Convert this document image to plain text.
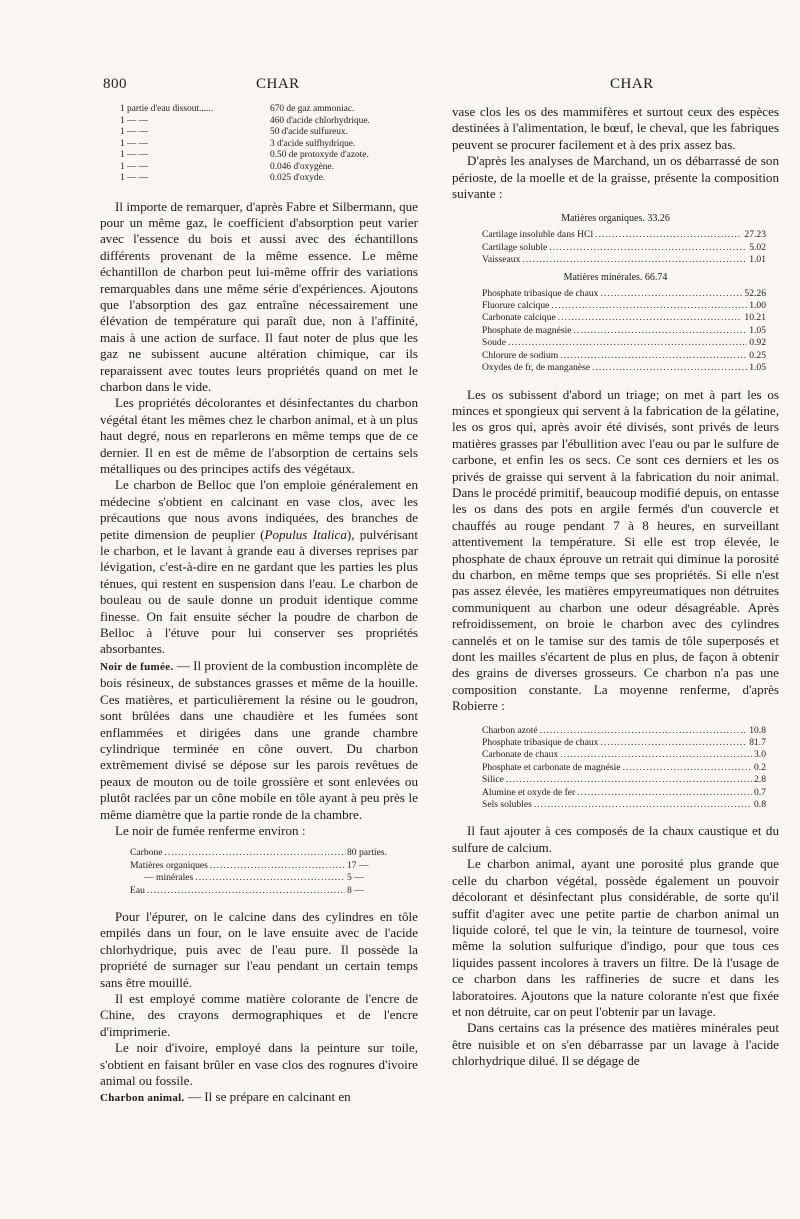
800	CHAR	CHAR
1 partie d'eau dissout......	670 de gaz ammoniac.
1 — —	460 d'acide chlorhydrique.
1 — —	50 d'acide sulfureux.
1 — —	3 d'acide sulfhydrique.
1 — —	0.50 de protoxyde d'azote.
1 — —	0.046 d'oxygène.
1 — —	0.025 d'oxyde.

Il importe de remarquer, d'après Fabre et Silbermann, que pour un même gaz, le coefficient d'absorption peut varier avec l'essence du bois et aussi avec des échantillons différents provenant de la même essence. Le même échantillon de charbon peut lui-même offrir des variations remarquables dans une même série d'expériences. Ajoutons que l'absorption des gaz entraîne nécessairement une élévation de température qui paraît due, non à l'affinité, mais à une action de surface. Il faut noter de plus que les gaz ne subissent aucune altération chimique, car ils reparaissent avec toutes leurs propriétés quand on met le charbon dans le vide.

Les propriétés décolorantes et désinfectantes du charbon végétal étant les mêmes chez le charbon animal, et à un plus haut degré, nous en reparlerons en même temps que de ce dernier. Il en est de même de l'absorption de certains sels métalliques ou des principes actifs des végétaux.

Le charbon de Belloc que l'on emploie généralement en médecine s'obtient en calcinant en vase clos, avec les précautions que nous avons indiquées, des branches de petite dimension de peuplier (Populus Italica), pulvérisant le charbon, et le lavant à grande eau à diverses reprises par lévigation, c'est-à-dire en ne gardant que les parties les plus ténues, qui restent en suspension dans l'eau. Le charbon de bouleau ou de saule donne un produit identique comme finesse. On fait ensuite sécher la poudre de charbon de Belloc à l'étuve pour lui conserver ses propriétés absorbantes.

Noir de fumée. — Il provient de la combustion incomplète de bois résineux, de substances grasses et même de la houille. Ces matières, et particulièrement la résine ou le goudron, sont brûlées dans une chaudière et les fumées sont enflammées et dirigées dans une grande chambre cylindrique terminée en cône ouvert. Du charbon extrêmement divisé se dépose sur les parois revêtues de peaux de mouton ou de toile grossière et sont enlevées ou plutôt raclées par un cône mobile en tôle ayant à peu près le même diamètre que la partie ronde de la chambre.

Le noir de fumée renferme environ :

Carbone .....	80 parties.
Matières organiques .....	17 —
— minérales .....	5 —
Eau .....	8 —

Pour l'épurer, on le calcine dans des cylindres en tôle empilés dans un four, on le lave ensuite avec de l'acide chlorhydrique, puis avec de l'eau pure. Il possède la propriété de surnager sur l'eau pendant un certain temps sans être mouillé.

Il est employé comme matière colorante de l'encre de Chine, des crayons dermographiques et de l'encre d'imprimerie.

Le noir d'ivoire, employé dans la peinture sur toile, s'obtient en faisant brûler en vase clos des rognures d'ivoire animal ou fossile.

Charbon animal. — Il se prépare en calcinant en

vase clos les os des mammifères et surtout ceux des espèces destinées à l'alimentation, le bœuf, le cheval, que les fabriques peuvent se procurer facilement et à des prix assez bas.

D'après les analyses de Marchand, un os débarrassé de son périoste, de la moelle et de la graisse, présente la composition suivante :

Matières organiques. 33.26
Cartilage insoluble dans HCl .....	27.23
Cartilage soluble .....	5.02
Vaisseaux .....	1.01
Matières minérales. 66.74
Phosphate tribasique de chaux .....	52.26
Fluorure calcique .....	1.00
Carbonate calcique .....	10.21
Phosphate de magnésie .....	1.05
Soude .....	0.92
Chlorure de sodium .....	0.25
Oxydes de fr, de manganèse .....	1.05

Les os subissent d'abord un triage; on met à part les os minces et spongieux qui servent à la fabrication de la gélatine, les os gros qui, après avoir été divisés, sont privés de leurs matières grasses par l'ébullition avec l'eau ou par le sulfure de carbone, et enfin les os secs. Ce sont ces derniers et les os privés de graisse qui servent à la fabrication du noir animal. Dans le procédé primitif, beaucoup modifié depuis, on entasse les os dans des pots en argile fermés d'un couvercle et chauffés au rouge pendant 7 à 8 heures, en surveillant attentivement la température. Si elle est trop élevée, le phosphate de chaux éprouve un retrait qui diminue la porosité du charbon, en même temps que ses propriétés. Si elle n'est pas assez élevée, les matières empyreumatiques non détruites communiquent au charbon une odeur désagréable. Après refroidissement, on broie le charbon avec des cylindres cannelés et on le tamise sur des tamis de tôle superposés et dont les mailles s'écartent de plus en plus, de façon à obtenir des grains de diverses grosseurs. Ce charbon n'a pas une composition constante. La moyenne renferme, d'après Robierre :

Charbon azoté .....	10.8
Phosphate tribasique de chaux .....	81.7
Carbonate de chaux .....	3.0
Phosphate et carbonate de magnésie .....	0.2
Silice .....	2.8
Alumine et oxyde de fer .....	0.7
Sels solubles .....	0.8

Il faut ajouter à ces composés de la chaux caustique et du sulfure de calcium.

Le charbon animal, ayant une porosité plus grande que celle du charbon végétal, possède également un pouvoir décolorant et désinfectant plus considérable, de sorte qu'il suffit d'agiter avec une petite partie de charbon animal un liquide coloré, tel que le vin, la teinture de tournesol, voire même la solution sulfurique d'indigo, pour que tous ces liquides passent incolores à travers un filtre. De là l'usage de ce charbon dans les raffineries de sucre et dans les laboratoires. Ajoutons que la nature colorante n'est que fixée et non détruite, car on peut l'obtenir par un lavage.

Dans certains cas la présence des matières minérales peut être nuisible et on s'en débarrasse par un lavage à l'acide chlorhydrique dilué. Il se dégage de
